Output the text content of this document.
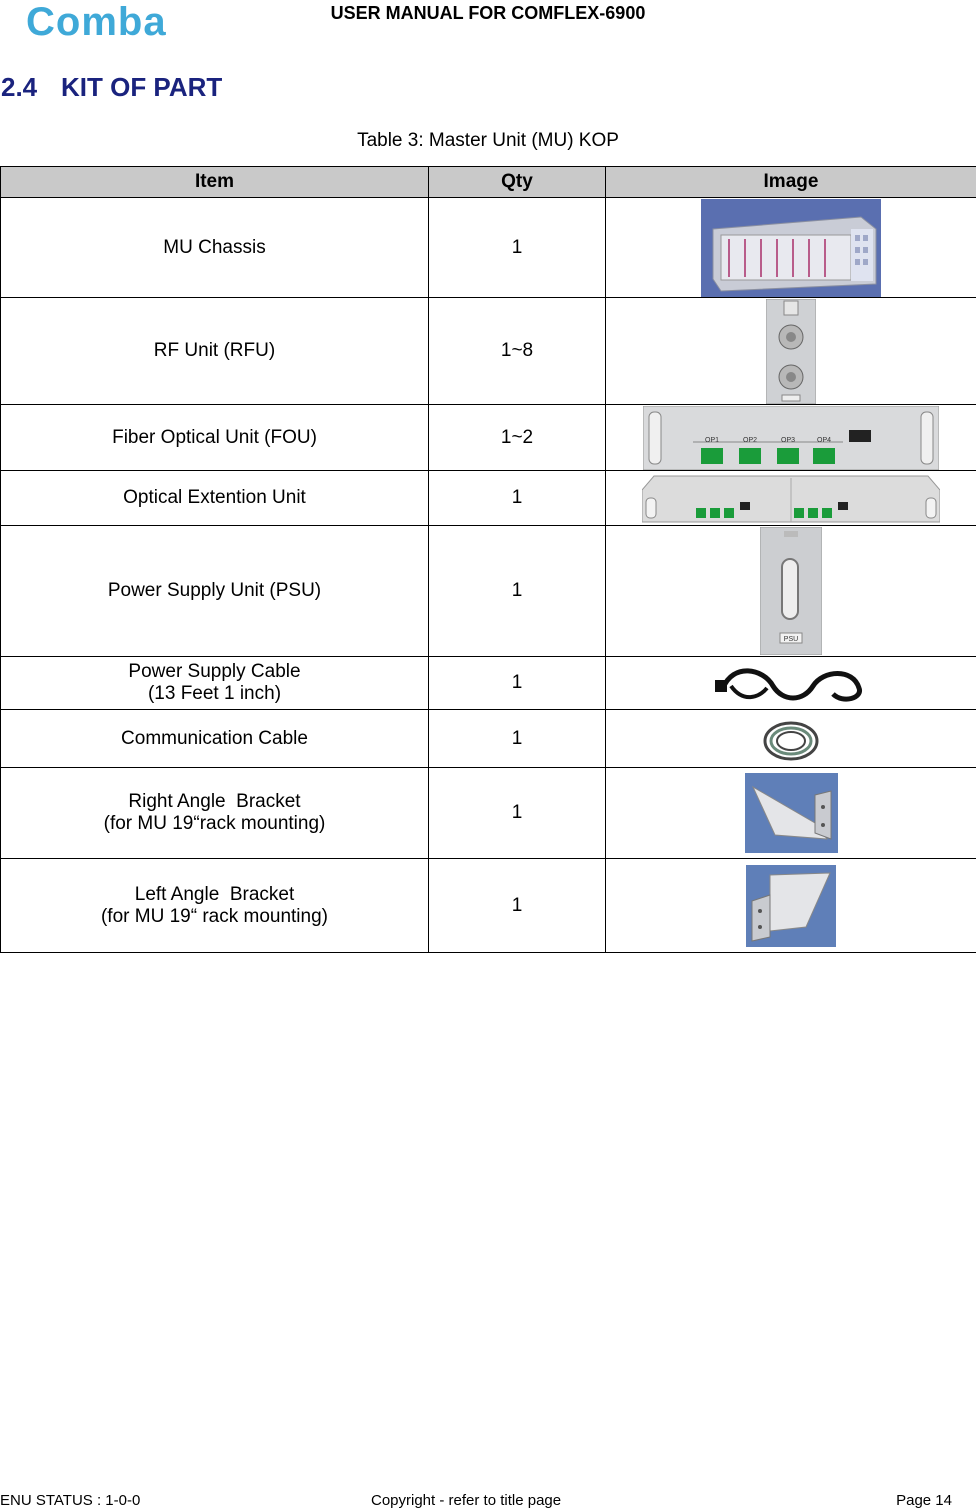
Comba	USER MANUAL FOR COMFLEX-6900
2.4 KIT OF PART
Table 3: Master Unit (MU) KOP
Item	Qty	Image
MU Chassis	1	

RF Unit (RFU)	1~8	

Fiber Optical Unit (FOU)	1~2	OP1 OP2 OP3 OP4

Optical Extention Unit	1	

Power Supply Unit (PSU)	1	PSU

Power Supply Cable
(13 Feet 1 inch)	1	

Communication Cable	1	

Right Angle  Bracket
(for MU 19“rack mounting)	1	

Left Angle  Bracket
(for MU 19“ rack mounting)	1	
ENU STATUS : 1-0-0	Copyright - refer to title page	Page 14
